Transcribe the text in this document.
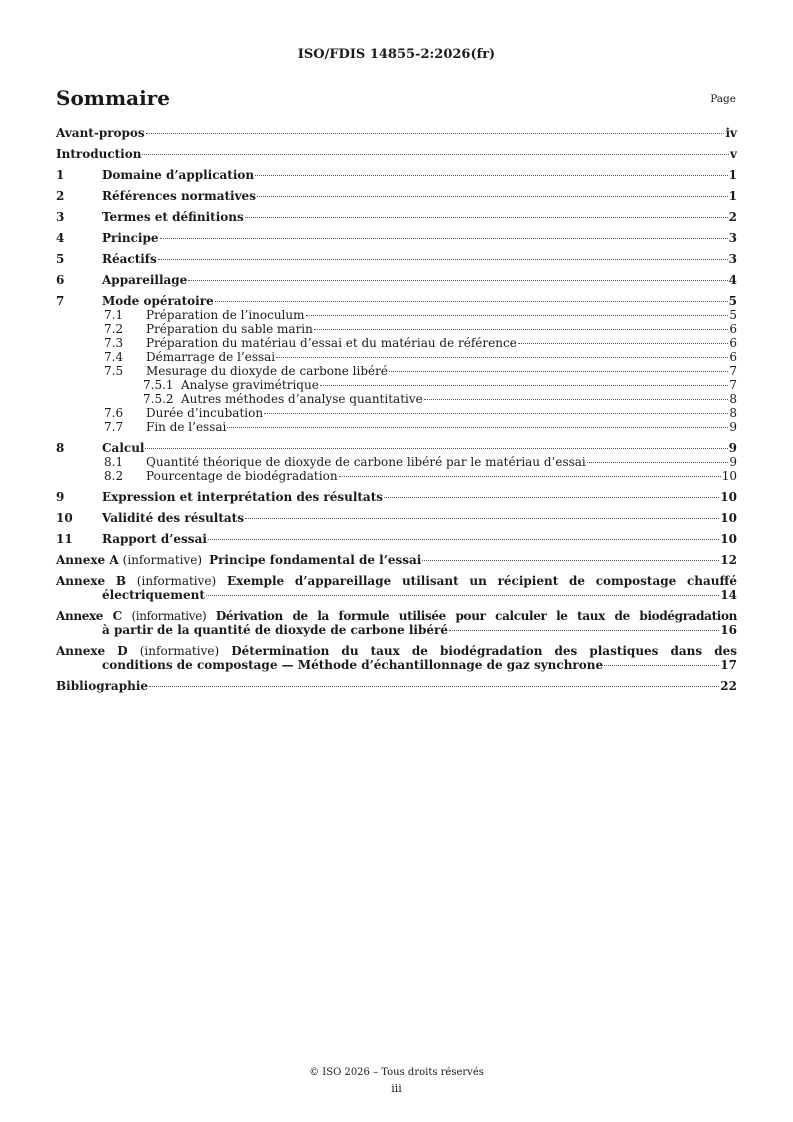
ISO/FDIS 14855-2:2026(fr)
Sommaire	Page
Avant-propos	iv
Introduction	v
1	Domaine d’application	1
2	Références normatives	1
3	Termes et définitions	2
4	Principe	3
5	Réactifs	3
6	Appareillage	4
7	Mode opératoire	5
7.1	Préparation de l’inoculum	5
7.2	Préparation du sable marin	6
7.3	Préparation du matériau d’essai et du matériau de référence	6
7.4	Démarrage de l’essai	6
7.5	Mesurage du dioxyde de carbone libéré	7
7.5.1 Analyse gravimétrique	7
7.5.2 Autres méthodes d’analyse quantitative	8
7.6	Durée d’incubation	8
7.7	Fin de l’essai	9
8	Calcul	9
8.1	Quantité théorique de dioxyde de carbone libéré par le matériau d’essai	9
8.2	Pourcentage de biodégradation	10
9	Expression et interprétation des résultats	10
10	Validité des résultats	10
11	Rapport d’essai	10
Annexe A (informative) Principe fondamental de l’essai	12
Annexe B (informative) Exemple d’appareillage utilisant un récipient de compostage chauffé
électriquement	14
Annexe C (informative) Dérivation de la formule utilisée pour calculer le taux de biodégradation
à partir de la quantité de dioxyde de carbone libéré	16
Annexe D (informative) Détermination du taux de biodégradation des plastiques dans des
conditions de compostage — Méthode d’échantillonnage de gaz synchrone	17
Bibliographie	22
© ISO 2026 – Tous droits réservés
iii
